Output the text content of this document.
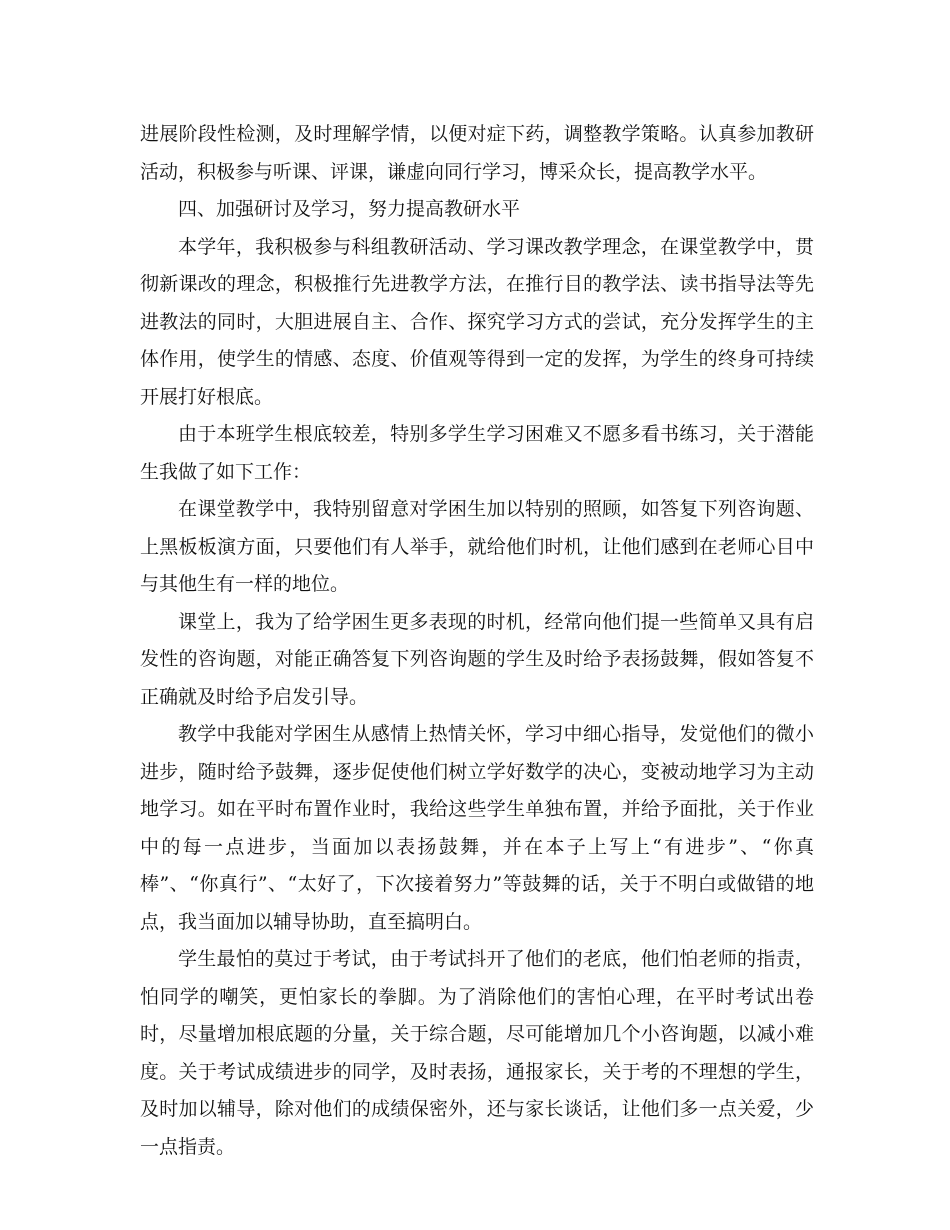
进展阶段性检测，及时理解学情，以便对症下药，调整教学策略。认真参加教研活动，积极参与听课、评课，谦虚向同行学习，博采众长，提高教学水平。

四、加强研讨及学习，努力提高教研水平

本学年，我积极参与科组教研活动、学习课改教学理念，在课堂教学中，贯彻新课改的理念，积极推行先进教学方法，在推行目的教学法、读书指导法等先进教法的同时，大胆进展自主、合作、探究学习方式的尝试，充分发挥学生的主体作用，使学生的情感、态度、价值观等得到一定的发挥，为学生的终身可持续开展打好根底。

由于本班学生根底较差，特别多学生学习困难又不愿多看书练习，关于潜能生我做了如下工作：

在课堂教学中，我特别留意对学困生加以特别的照顾，如答复下列咨询题、上黑板板演方面，只要他们有人举手，就给他们时机，让他们感到在老师心目中与其他生有一样的地位。

课堂上，我为了给学困生更多表现的时机，经常向他们提一些简单又具有启发性的咨询题，对能正确答复下列咨询题的学生及时给予表扬鼓舞，假如答复不正确就及时给予启发引导。

教学中我能对学困生从感情上热情关怀，学习中细心指导，发觉他们的微小进步，随时给予鼓舞，逐步促使他们树立学好数学的决心，变被动地学习为主动地学习。如在平时布置作业时，我给这些学生单独布置，并给予面批，关于作业中的每一点进步，当面加以表扬鼓舞，并在本子上写上“有进步”、“你真棒”、“你真行”、“太好了，下次接着努力”等鼓舞的话，关于不明白或做错的地点，我当面加以辅导协助，直至搞明白。

学生最怕的莫过于考试，由于考试抖开了他们的老底，他们怕老师的指责，怕同学的嘲笑，更怕家长的拳脚。为了消除他们的害怕心理，在平时考试出卷时，尽量增加根底题的分量，关于综合题，尽可能增加几个小咨询题，以减小难度。关于考试成绩进步的同学，及时表扬，通报家长，关于考的不理想的学生，及时加以辅导，除对他们的成绩保密外，还与家长谈话，让他们多一点关爱，少一点指责。
